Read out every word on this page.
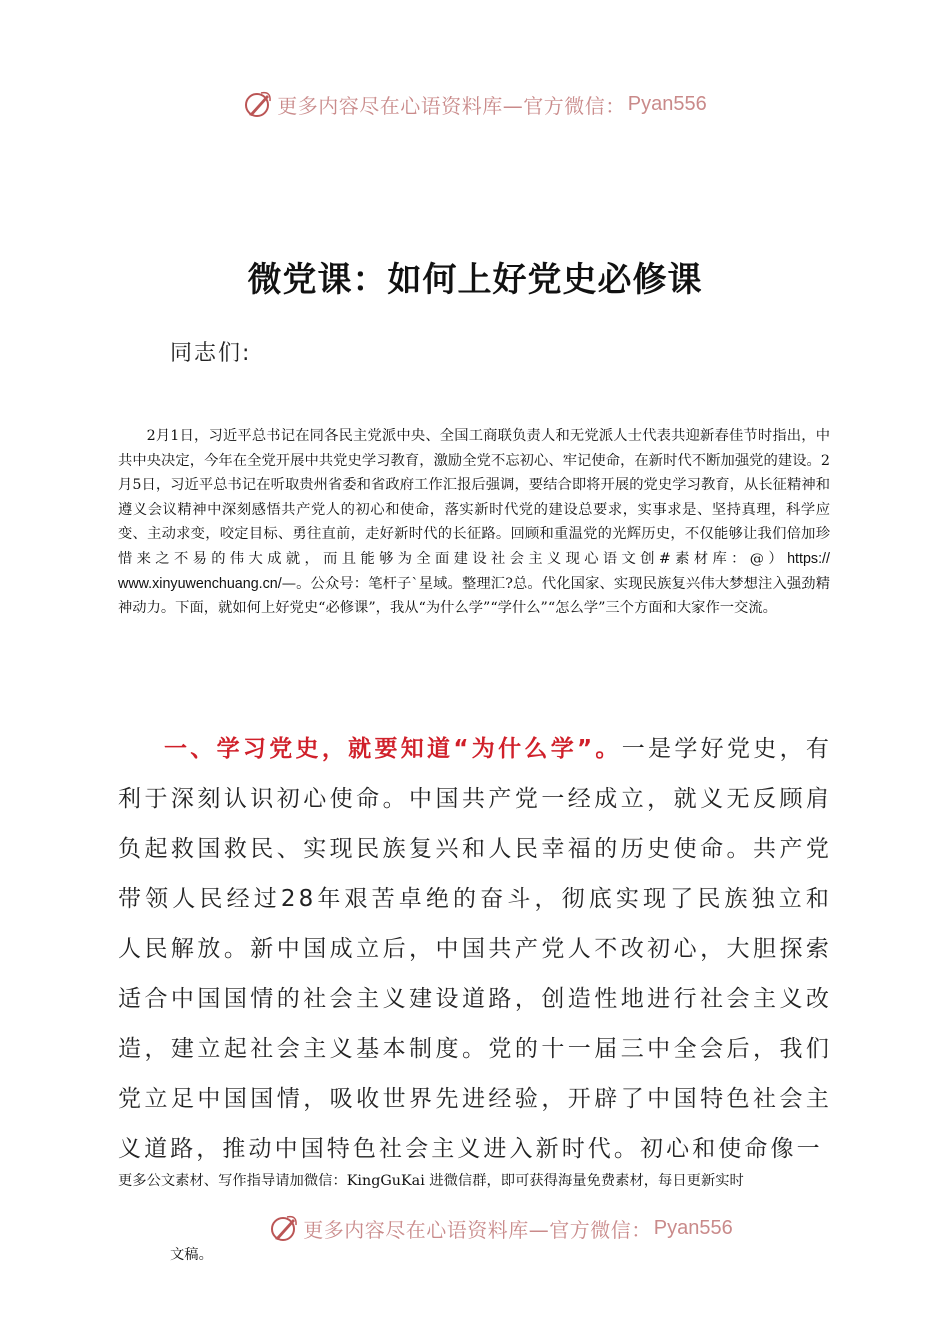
更多内容尽在心语资料库—官方微信： Pyan556
微党课：如何上好党史必修课
同志们:
2月1日，习近平总书记在同各民主党派中央、全国工商联负责人和无党派人士代表共迎新春佳节时指出，中共中央决定，今年在全党开展中共党史学习教育，激励全党不忘初心、牢记使命，在新时代不断加强党的建设。2月5日，习近平总书记在听取贵州省委和省政府工作汇报后强调，要结合即将开展的党史学习教育，从长征精神和遵义会议精神中深刻感悟共产党人的初心和使命，落实新时代党的建设总要求，实事求是、坚持真理，科学应变、主动求变，咬定目标、勇往直前，走好新时代的长征路。回顾和重温党的光辉历史，不仅能够让我们倍加珍惜来之不易的伟大成就，而且能够为全面建设社会主义现心语文创#素材库：@）https:// www.xinyuwenchuang.cn/—。公众号：笔杆子`星域。整理汇?总。代化国家、实现民族复兴伟大梦想注入强劲精神动力。下面，就如何上好党史“必修课”，我从“为什么学”“学什么”“怎么学”三个方面和大家作一交流。
一、学习党史，就要知道“为什么学”。一是学好党史，有利于深刻认识初心使命。中国共产党一经成立，就义无反顾肩负起救国救民、实现民族复兴和人民幸福的历史使命。共产党带领人民经过28年艰苦卓绝的奋斗，彻底实现了民族独立和人民解放。新中国成立后，中国共产党人不改初心，大胆探索适合中国国情的社会主义建设道路，创造性地进行社会主义改造，建立起社会主义基本制度。党的十一届三中全会后，我们党立足中国国情，吸收世界先进经验，开辟了中国特色社会主义道路，推动中国特色社会主义进入新时代。初心和使命像一
更多公文素材、写作指导请加微信：KingGuKai 进微信群，即可获得海量免费素材，每日更新实时
更多内容尽在心语资料库—官方微信： Pyan556
文稿。
